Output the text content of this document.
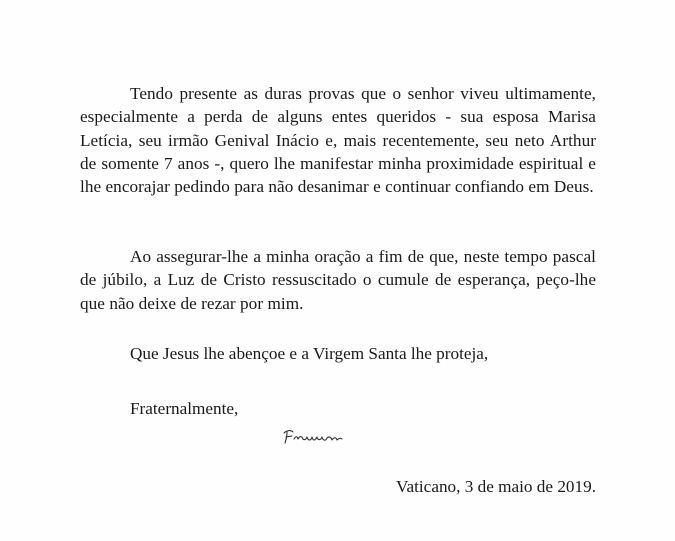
Tendo presente as duras provas que o senhor viveu ultimamente, especialmente a perda de alguns entes queridos - sua esposa Marisa Letícia, seu irmão Genival Inácio e, mais recentemente, seu neto Arthur de somente 7 anos -, quero lhe manifestar minha proximidade espiritual e lhe encorajar pedindo para não desanimar e continuar confiando em Deus.

Ao assegurar-lhe a minha oração a fim de que, neste tempo pascal de júbilo, a Luz de Cristo ressuscitado o cumule de esperança, peço-lhe que não deixe de rezar por mim.

Que Jesus lhe abençoe e a Virgem Santa lhe proteja,
Fraternalmente,
Vaticano, 3 de maio de 2019.
